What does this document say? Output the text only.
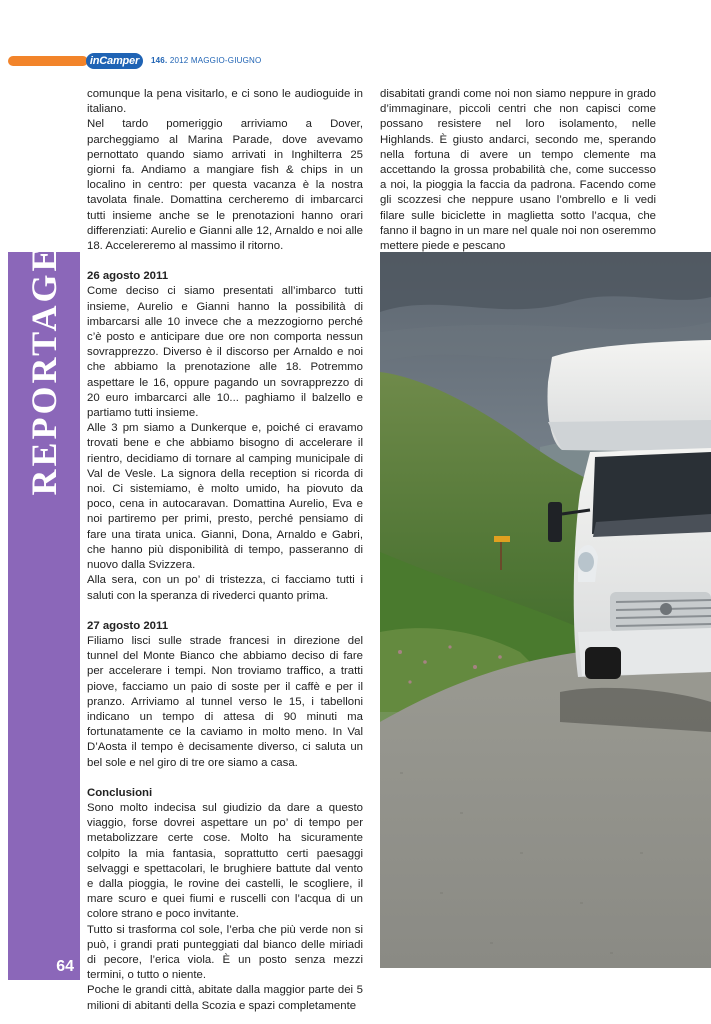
inCamper	146. 2012 MAGGIO-GIUGNO
REPORTAGE
64

comunque la pena visitarlo, e ci sono le audioguide in italiano.

Nel tardo pomeriggio arriviamo a Dover, parcheggiamo al Marina Parade, dove avevamo pernottato quando siamo arrivati in Inghilterra 25 giorni fa. Andiamo a mangiare fish & chips in un localino in centro: per questa vacanza è la nostra tavolata finale. Domattina cercheremo di imbarcarci tutti insieme anche se le prenotazioni hanno orari differenziati: Aurelio e Gianni alle 12, Arnaldo e noi alle 18. Accelereremo al massimo il ritorno.

26 agosto 2011

Come deciso ci siamo presentati all’imbarco tutti insieme, Aurelio e Gianni hanno la possibilità di imbarcarsi alle 10 invece che a mezzogiorno perché c’è posto e anticipare due ore non comporta nessun sovrapprezzo. Diverso è il discorso per Arnaldo e noi che abbiamo la prenotazione alle 18. Potremmo aspettare le 16, oppure pagando un sovrapprezzo di 20 euro imbarcarci alle 10... paghiamo il balzello e partiamo tutti insieme.

Alle 3 pm siamo a Dunkerque e, poiché ci eravamo trovati bene e che abbiamo bisogno di accelerare il rientro, decidiamo di tornare al camping municipale di Val de Vesle. La signora della reception si ricorda di noi. Ci sistemiamo, è molto umido, ha piovuto da poco, cena in autocaravan. Domattina Aurelio, Eva e noi partiremo per primi, presto, perché pensiamo di fare una tirata unica. Gianni, Dona, Arnaldo e Gabri, che hanno più disponibilità di tempo, passeranno di nuovo dalla Svizzera.

Alla sera, con un po’ di tristezza, ci facciamo tutti i saluti con la speranza di rivederci quanto prima.

27 agosto 2011

Filiamo lisci sulle strade francesi in direzione del tunnel del Monte Bianco che abbiamo deciso di fare per accelerare i tempi. Non troviamo traffico, a tratti piove, facciamo un paio di soste per il caffè e per il pranzo. Arriviamo al tunnel verso le 15, i tabelloni indicano un tempo di attesa di 90 minuti ma fortunatamente ce la caviamo in molto meno. In Val D’Aosta il tempo è decisamente diverso, ci saluta un bel sole e nel giro di tre ore siamo a casa.

Conclusioni

Sono molto indecisa sul giudizio da dare a questo viaggio, forse dovrei aspettare un po’ di tempo per metabolizzare certe cose. Molto ha sicuramente colpito la mia fantasia, soprattutto certi paesaggi selvaggi e spettacolari, le brughiere battute dal vento e dalla pioggia, le rovine dei castelli, le scogliere, il mare scuro e quei fiumi e ruscelli con l’acqua di un colore strano e poco invitante.

Tutto si trasforma col sole, l’erba che più verde non si può, i grandi prati punteggiati dal bianco delle miriadi di pecore, l’erica viola. È un posto senza mezzi termini, o tutto o niente.

Poche le grandi città, abitate dalla maggior parte dei 5 milioni di abitanti della Scozia e spazi completamente

disabitati grandi come noi non siamo neppure in grado d’immaginare, piccoli centri che non capisci come possano resistere nel loro isolamento, nelle Highlands. È giusto andarci, secondo me, sperando nella fortuna di avere un tempo clemente ma accettando la grossa probabilità che, come successo a noi, la pioggia la faccia da padrona. Facendo come gli scozzesi che neppure usano l’ombrello e li vedi filare sulle biciclette in maglietta sotto l’acqua, che fanno il bagno in un mare nel quale noi non oseremmo mettere piede e pescano
